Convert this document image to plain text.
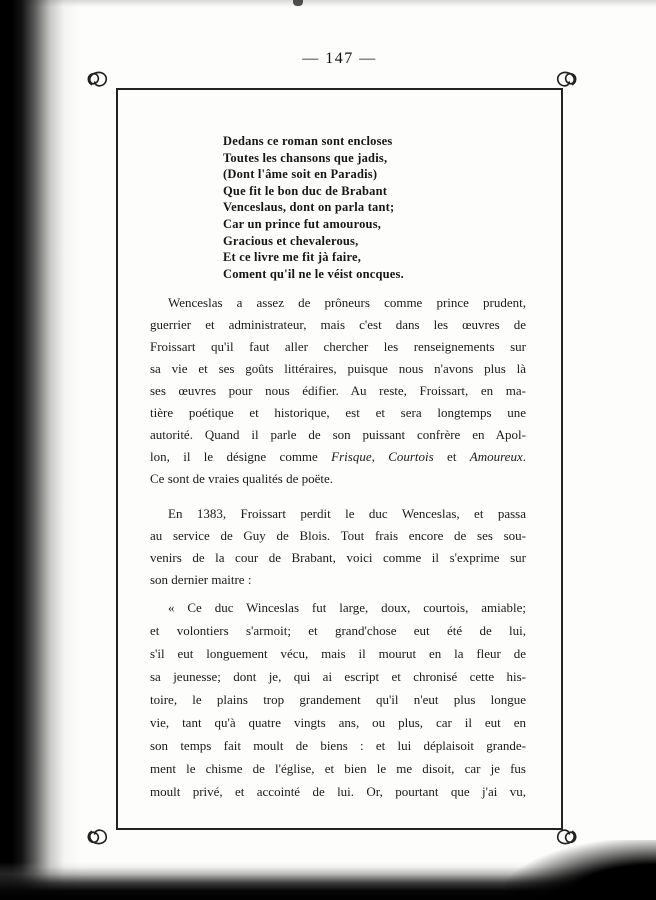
— 147 —
Dedans ce roman sont encloses
Toutes les chansons que jadis,
(Dont l'âme soit en Paradis)
Que fit le bon duc de Brabant
Venceslaus, dont on parla tant;
Car un prince fut amourous,
Gracious et chevalerous,
Et ce livre me fit jà faire,
Coment qu'il ne le véist oncques.
Wenceslas a assez de prôneurs comme prince prudent,
guerrier et administrateur, mais c'est dans les œuvres de
Froissart qu'il faut aller chercher les renseignements sur
sa vie et ses goûts littéraires, puisque nous n'avons plus là
ses œuvres pour nous édifier. Au reste, Froissart, en ma-
tière poétique et historique, est et sera longtemps une
autorité. Quand il parle de son puissant confrère en Apol-
lon, il le désigne comme Frisque, Courtois et Amoureux.
Ce sont de vraies qualités de poëte.
En 1383, Froissart perdit le duc Wenceslas, et passa
au service de Guy de Blois. Tout frais encore de ses sou-
venirs de la cour de Brabant, voici comme il s'exprime sur
son dernier maitre :
« Ce duc Winceslas fut large, doux, courtois, amiable;
et volontiers s'armoit; et grand'chose eut été de lui,
s'il eut longuement vécu, mais il mourut en la fleur de
sa jeunesse; dont je, qui ai escript et chronisé cette his-
toire, le plains trop grandement qu'il n'eut plus longue
vie, tant qu'à quatre vingts ans, ou plus, car il eut en
son temps fait moult de biens : et lui déplaisoit grande-
ment le chisme de l'église, et bien le me disoit, car je fus
moult privé, et accointé de lui. Or, pourtant que j'ai vu,
